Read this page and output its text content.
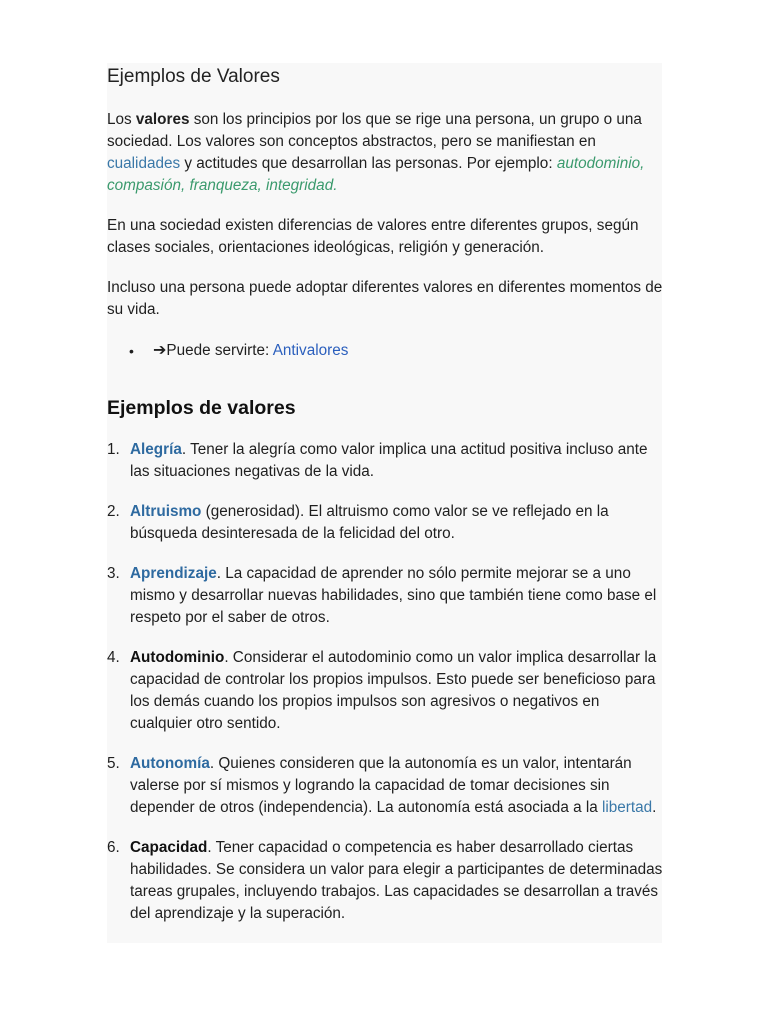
Ejemplos de Valores

Los valores son los principios por los que se rige una persona, un grupo o una sociedad. Los valores son conceptos abstractos, pero se manifiestan en cualidades y actitudes que desarrollan las personas. Por ejemplo: autodominio, compasión, franqueza, integridad.

En una sociedad existen diferencias de valores entre diferentes grupos, según clases sociales, orientaciones ideológicas, religión y generación.

Incluso una persona puede adoptar diferentes valores en diferentes momentos de su vida.

• ➔Puede servirte: Antivalores
Ejemplos de valores
1. Alegría. Tener la alegría como valor implica una actitud positiva incluso ante las situaciones negativas de la vida.
2. Altruismo (generosidad). El altruismo como valor se ve reflejado en la búsqueda desinteresada de la felicidad del otro.
3. Aprendizaje. La capacidad de aprender no sólo permite mejorar se a uno mismo y desarrollar nuevas habilidades, sino que también tiene como base el respeto por el saber de otros.
4. Autodominio. Considerar el autodominio como un valor implica desarrollar la capacidad de controlar los propios impulsos. Esto puede ser beneficioso para los demás cuando los propios impulsos son agresivos o negativos en cualquier otro sentido.
5. Autonomía. Quienes consideren que la autonomía es un valor, intentarán valerse por sí mismos y logrando la capacidad de tomar decisiones sin depender de otros (independencia). La autonomía está asociada a la libertad.
6. Capacidad. Tener capacidad o competencia es haber desarrollado ciertas habilidades. Se considera un valor para elegir a participantes de determinadas tareas grupales, incluyendo trabajos. Las capacidades se desarrollan a través del aprendizaje y la superación.
